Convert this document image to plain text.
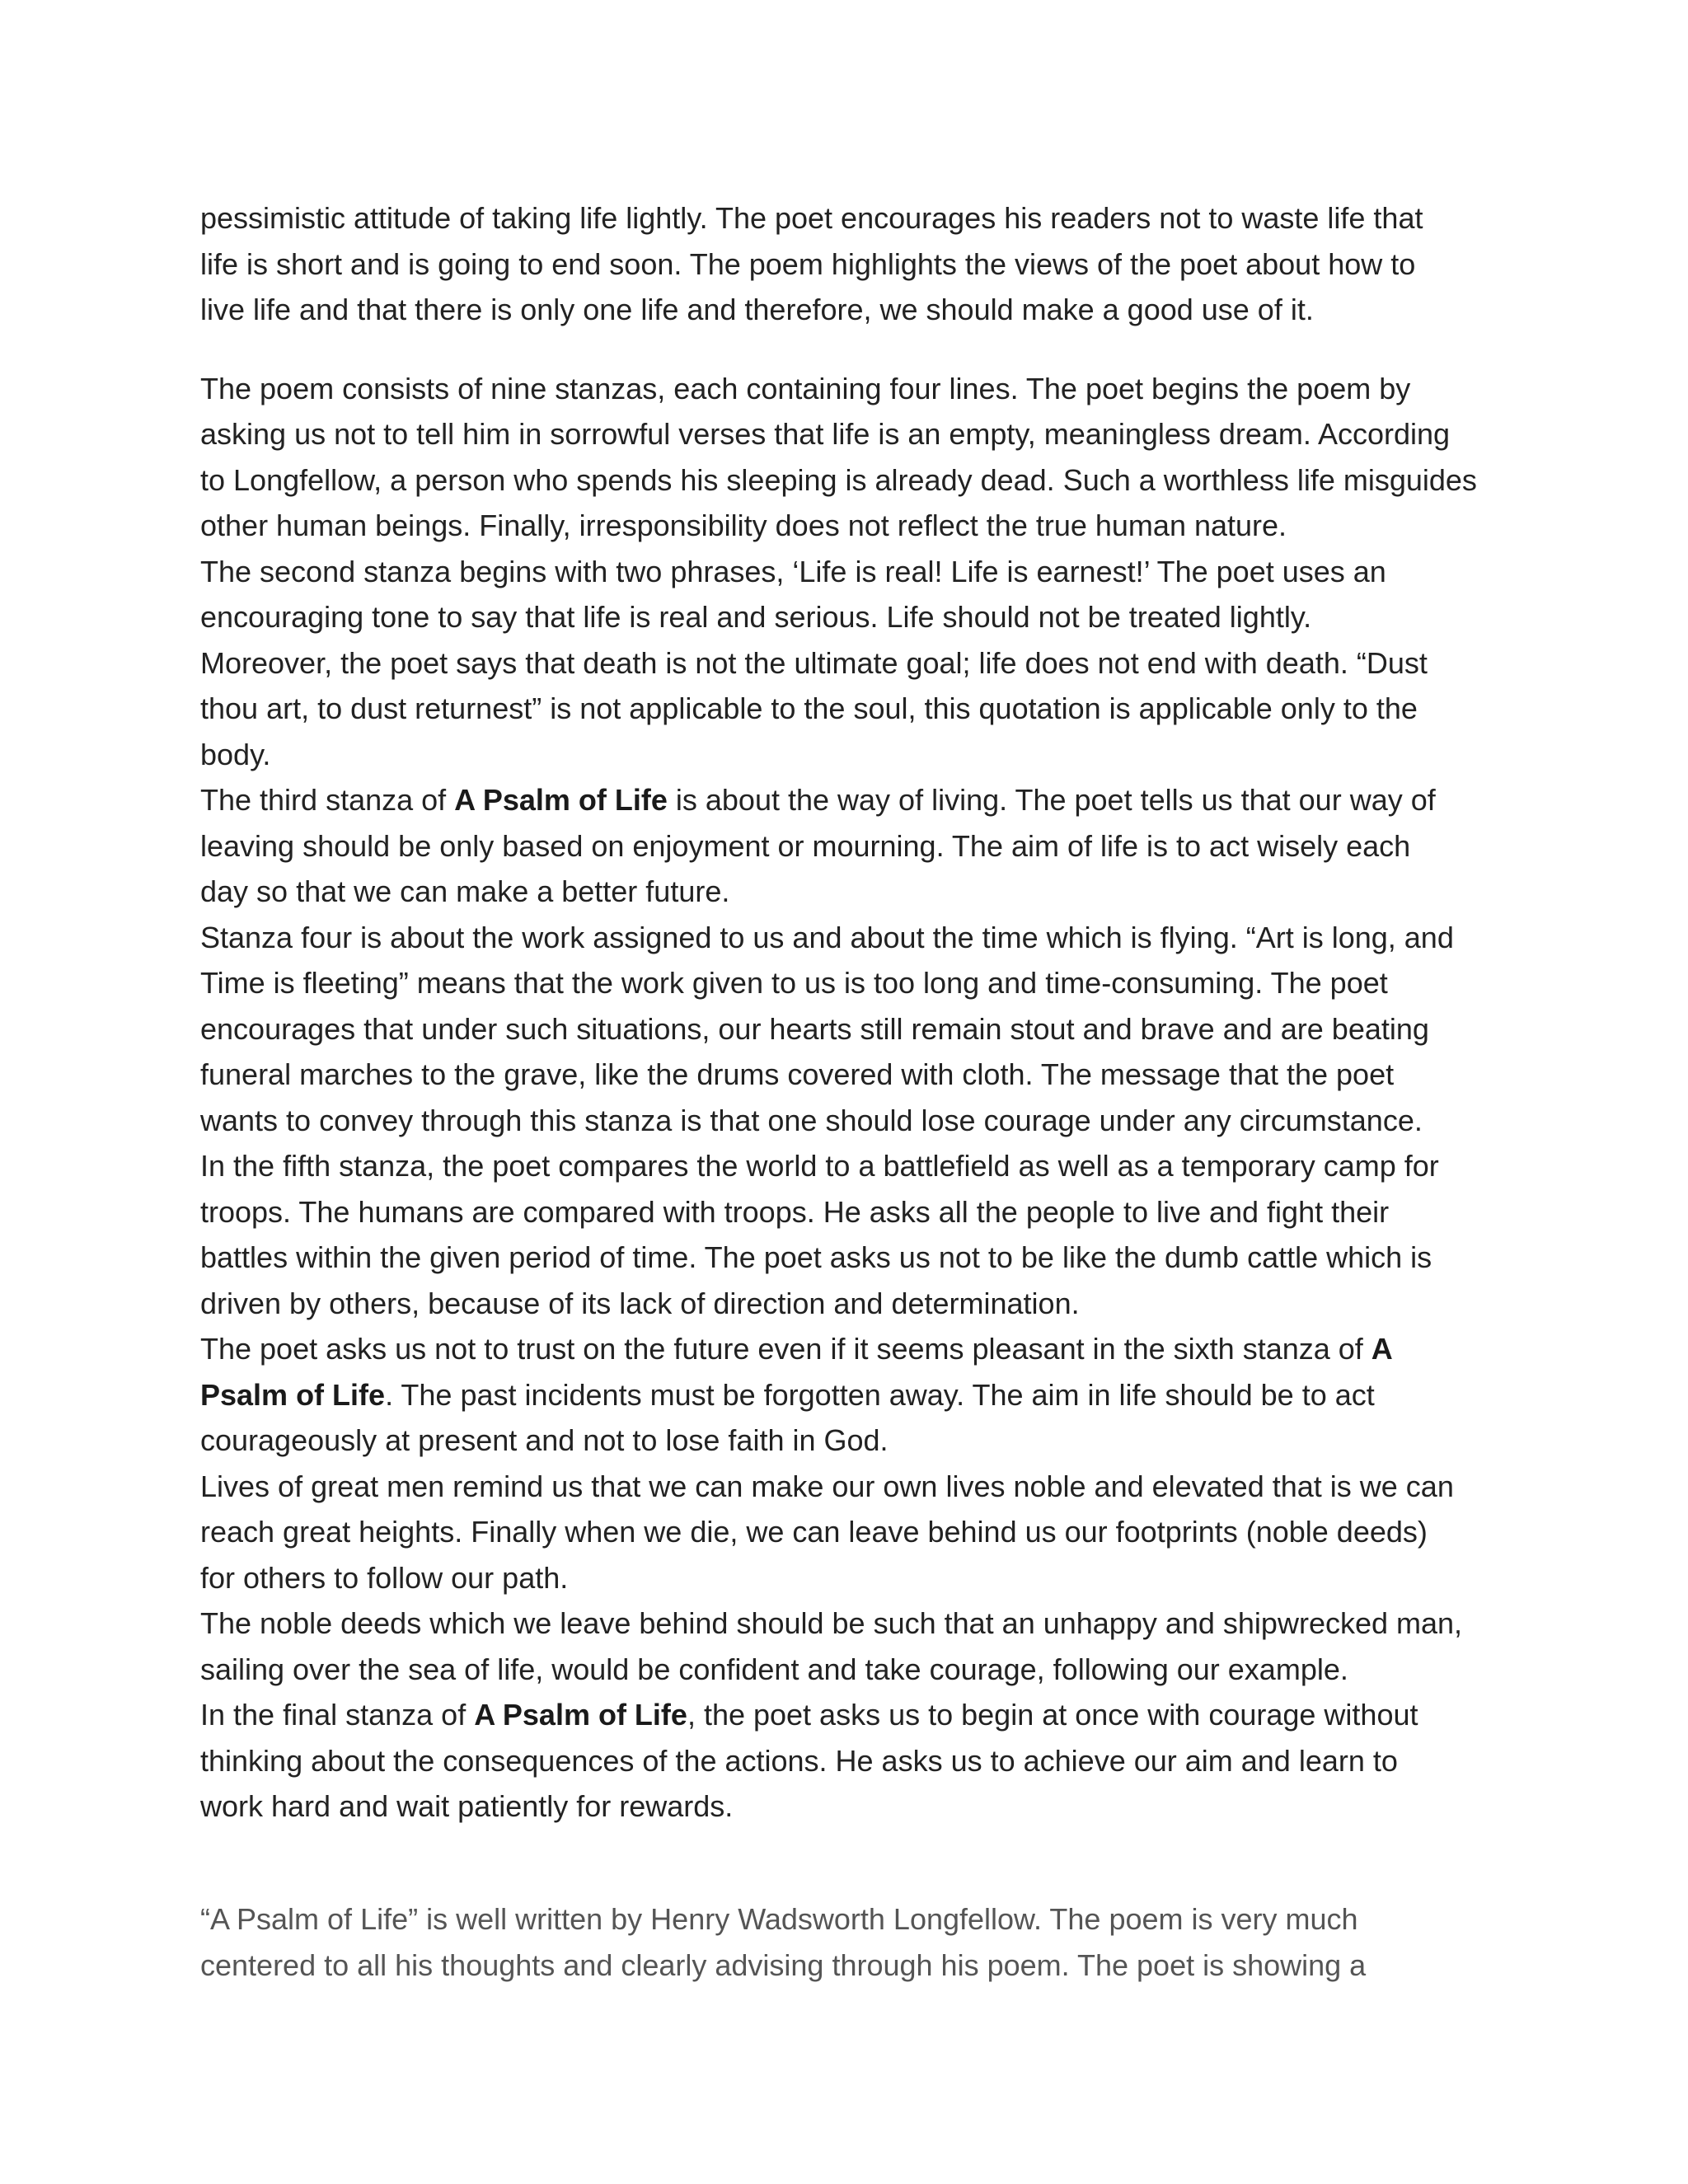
pessimistic attitude of taking life lightly. The poet encourages his readers not to waste life that
life is short and is going to end soon. The poem highlights the views of the poet about how to
live life and that there is only one life and therefore, we should make a good use of it.

The poem consists of nine stanzas, each containing four lines. The poet begins the poem by
asking us not to tell him in sorrowful verses that life is an empty, meaningless dream. According
to Longfellow, a person who spends his sleeping is already dead. Such a worthless life misguides
other human beings. Finally, irresponsibility does not reflect the true human nature.

The second stanza begins with two phrases, ‘Life is real! Life is earnest!’ The poet uses an
encouraging tone to say that life is real and serious. Life should not be treated lightly.
Moreover, the poet says that death is not the ultimate goal; life does not end with death. “Dust
thou art, to dust returnest” is not applicable to the soul, this quotation is applicable only to the
body.

The third stanza of A Psalm of Life is about the way of living. The poet tells us that our way of
leaving should be only based on enjoyment or mourning. The aim of life is to act wisely each
day so that we can make a better future.

Stanza four is about the work assigned to us and about the time which is flying. “Art is long, and
Time is fleeting” means that the work given to us is too long and time-consuming. The poet
encourages that under such situations, our hearts still remain stout and brave and are beating
funeral marches to the grave, like the drums covered with cloth. The message that the poet
wants to convey through this stanza is that one should lose courage under any circumstance.

In the fifth stanza, the poet compares the world to a battlefield as well as a temporary camp for
troops. The humans are compared with troops. He asks all the people to live and fight their
battles within the given period of time. The poet asks us not to be like the dumb cattle which is
driven by others, because of its lack of direction and determination.

The poet asks us not to trust on the future even if it seems pleasant in the sixth stanza of A
Psalm of Life. The past incidents must be forgotten away. The aim in life should be to act
courageously at present and not to lose faith in God.

Lives of great men remind us that we can make our own lives noble and elevated that is we can
reach great heights. Finally when we die, we can leave behind us our footprints (noble deeds)
for others to follow our path.

The noble deeds which we leave behind should be such that an unhappy and shipwrecked man,
sailing over the sea of life, would be confident and take courage, following our example.

In the final stanza of A Psalm of Life, the poet asks us to begin at once with courage without
thinking about the consequences of the actions. He asks us to achieve our aim and learn to
work hard and wait patiently for rewards.

“A Psalm of Life” is well written by Henry Wadsworth Longfellow. The poem is very much
centered to all his thoughts and clearly advising through his poem. The poet is showing a
